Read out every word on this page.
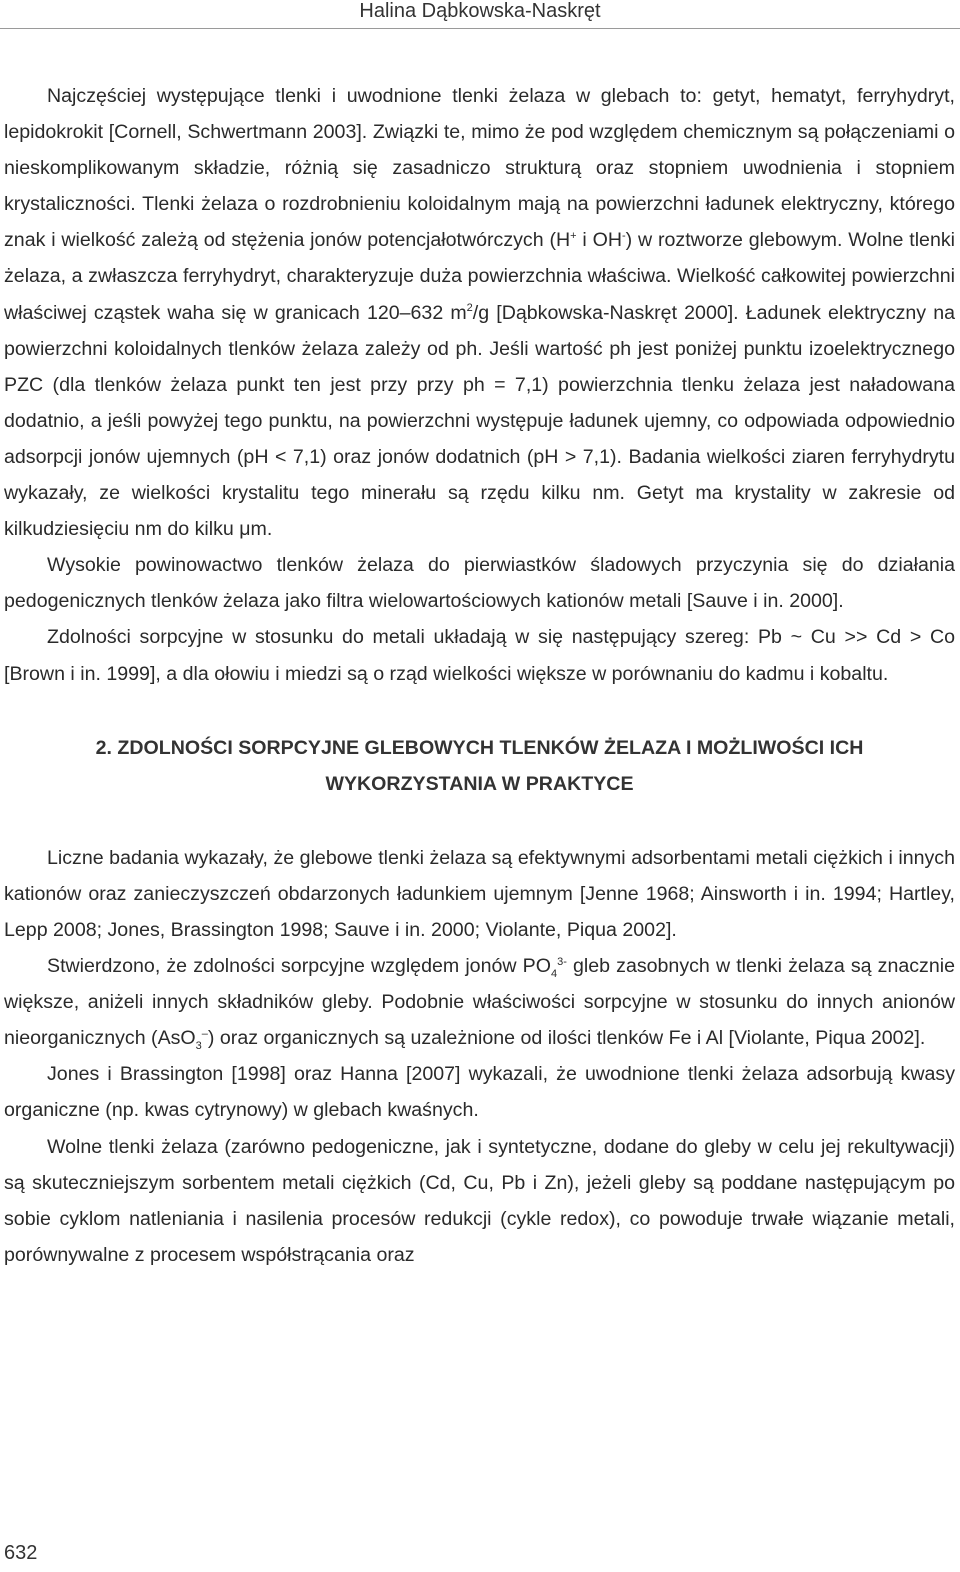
Halina Dąbkowska-Naskręt

Najczęściej występujące tlenki i uwodnione tlenki żelaza w glebach to: getyt, hematyt, ferryhydryt, lepidokrokit [Cornell, Schwertmann 2003]. Związki te, mimo że pod względem chemicznym są połączeniami o nieskomplikowanym składzie, różnią się zasadniczo strukturą oraz stopniem uwodnienia i stopniem krystaliczności. Tlenki żelaza o rozdrobnieniu koloidalnym mają na powierzchni ładunek elektryczny, którego znak i wielkość zależą od stężenia jonów potencjałotwórczych (H+ i OH-) w roztworze glebowym. Wolne tlenki żelaza, a zwłaszcza ferryhydryt, charakteryzuje duża powierzchnia właściwa. Wielkość całkowitej powierzchni właściwej cząstek waha się w granicach 120–632 $m^2/g$ [Dąbkowska-Naskręt 2000]. Ładunek elektryczny na powierzchni koloidalnych tlenków żelaza zależy od ph. Jeśli wartość ph jest poniżej punktu izoelektrycznego PZC (dla tlenków żelaza punkt ten jest przy przy ph = 7,1) powierzchnia tlenku żelaza jest naładowana dodatnio, a jeśli powyżej tego punktu, na powierzchni występuje ładunek ujemny, co odpowiada odpowiednio adsorpcji jonów ujemnych (pH < 7,1) oraz jonów dodatnich (pH > 7,1). Badania wielkości ziaren ferryhydrytu wykazały, ze wielkości krystalitu tego minerału są rzędu kilku nm. Getyt ma krystality w zakresie od kilkudziesięciu nm do kilku μm.

Wysokie powinowactwo tlenków żelaza do pierwiastków śladowych przyczynia się do działania pedogenicznych tlenków żelaza jako filtra wielowartościowych kationów metali [Sauve i in. 2000].

Zdolności sorpcyjne w stosunku do metali układają w się następujący szereg: Pb ~ Cu >> Cd > Co [Brown i in. 1999], a dla ołowiu i miedzi są o rząd wielkości większe w porównaniu do kadmu i kobaltu.

2. ZDOLNOŚCI SORPCYJNE GLEBOWYCH TLENKÓW ŻELAZA I MOŻLIWOŚCI ICH
WYKORZYSTANIA W PRAKTYCE

Liczne badania wykazały, że glebowe tlenki żelaza są efektywnymi adsorbentami metali ciężkich i innych kationów oraz zanieczyszczeń obdarzonych ładunkiem ujemnym [Jenne 1968; Ainsworth i in. 1994; Hartley, Lepp 2008; Jones, Brassington 1998; Sauve i in. 2000; Violante, Piqua 2002].

Stwierdzono, że zdolności sorpcyjne względem jonów $PO_4^{3-}$ gleb zasobnych w tlenki żelaza są znacznie większe, aniżeli innych składników gleby. Podobnie właściwości sorpcyjne w stosunku do innych anionów nieorganicznych (AsO$_3$–) oraz organicznych są uzależnione od ilości tlenków Fe i Al [Violante, Piqua 2002].

Jones i Brassington [1998] oraz Hanna [2007] wykazali, że uwodnione tlenki żelaza adsorbują kwasy organiczne (np. kwas cytrynowy) w glebach kwaśnych.

Wolne tlenki żelaza (zarówno pedogeniczne, jak i syntetyczne, dodane do gleby w celu jej rekultywacji) są skuteczniejszym sorbentem metali ciężkich (Cd, Cu, Pb i Zn), jeżeli gleby są poddane następującym po sobie cyklom natleniania i nasilenia procesów redukcji (cykle redox), co powoduje trwałe wiązanie metali, porównywalne z procesem współstrącania oraz

632
